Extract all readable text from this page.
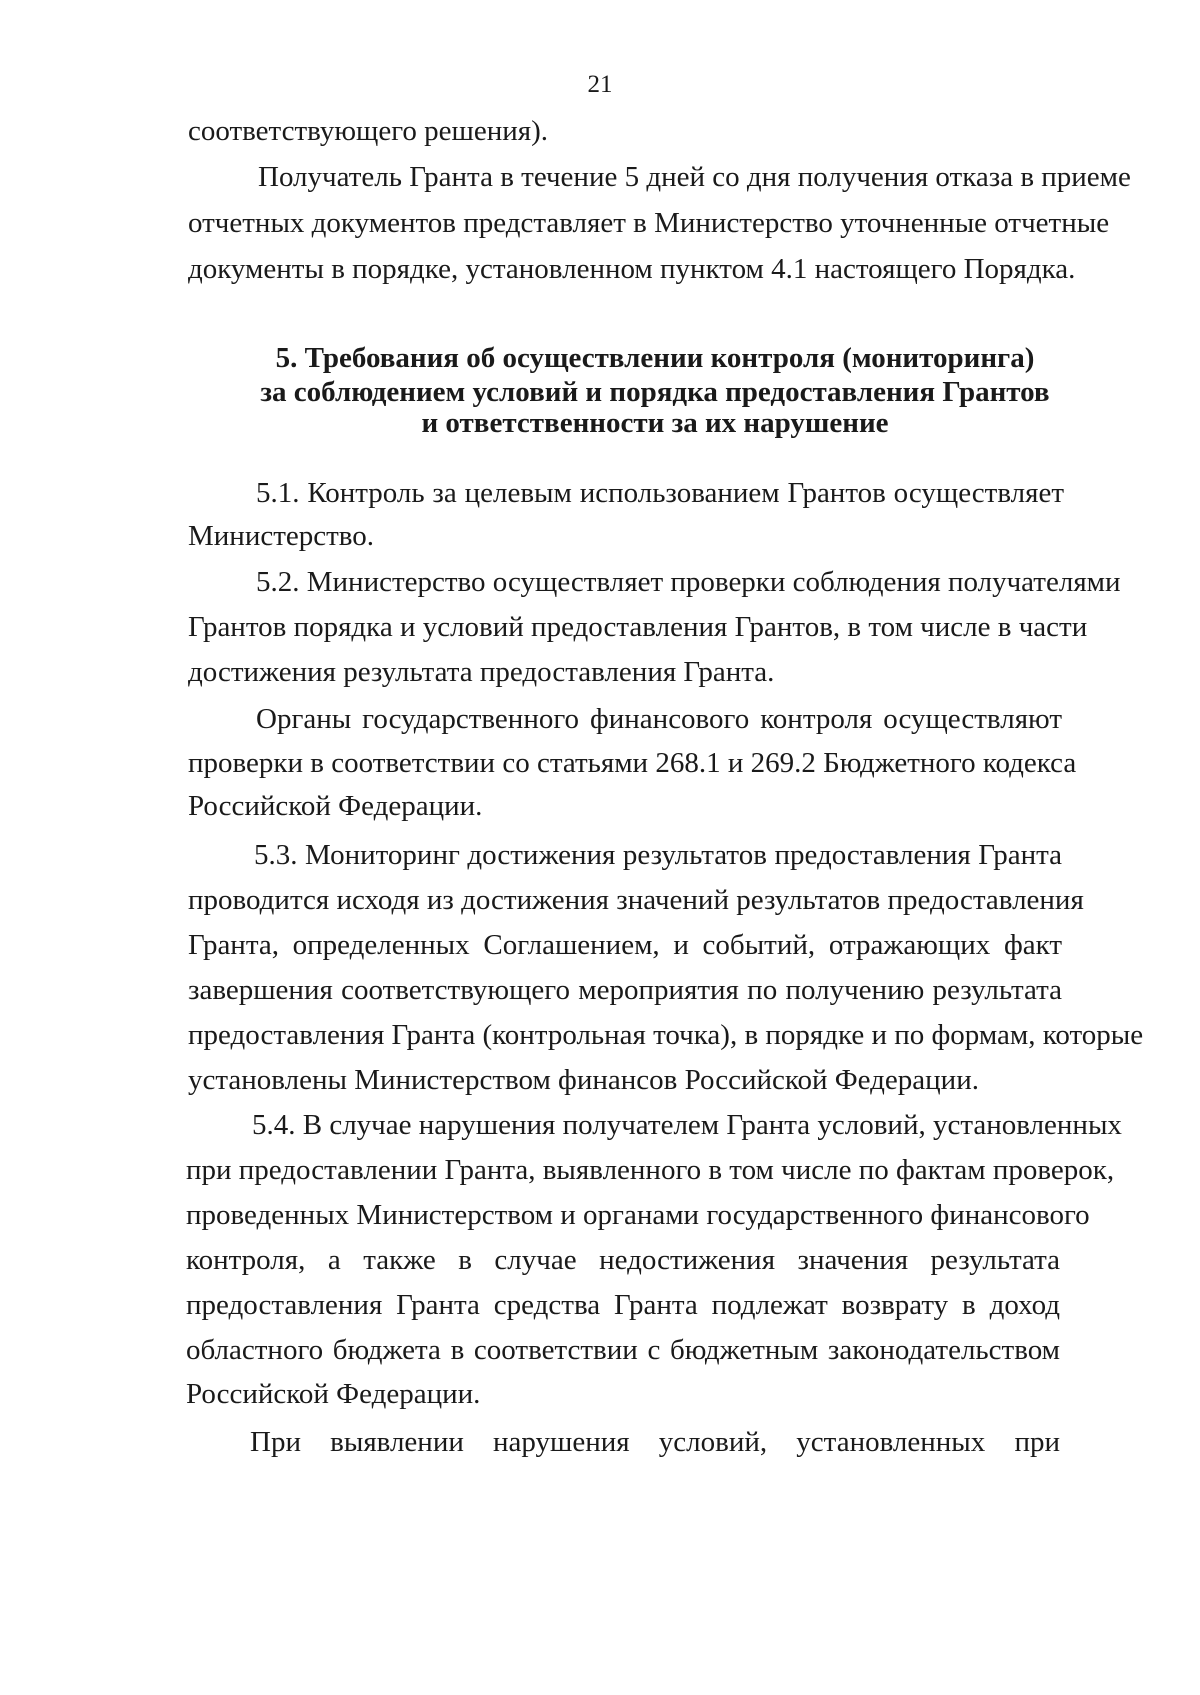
21
соответствующего решения).
Получатель Гранта в течение 5 дней со дня получения отказа в приеме
отчетных документов представляет в Министерство уточненные отчетные
документы в порядке, установленном пунктом 4.1 настоящего Порядка.
5. Требования об осуществлении контроля (мониторинга)
за соблюдением условий и порядка предоставления Грантов
и ответственности за их нарушение
5.1. Контроль за целевым использованием Грантов осуществляет
Министерство.
5.2. Министерство осуществляет проверки соблюдения получателями
Грантов порядка и условий предоставления Грантов, в том числе в части
достижения результата предоставления Гранта.
Органы государственного финансового контроля осуществляют
проверки в соответствии со статьями 268.1 и 269.2 Бюджетного кодекса
Российской Федерации.
5.3. Мониторинг достижения результатов предоставления Гранта
проводится исходя из достижения значений результатов предоставления
Гранта, определенных Соглашением, и событий, отражающих факт
завершения соответствующего мероприятия по получению результата
предоставления Гранта (контрольная точка), в порядке и по формам, которые
установлены Министерством финансов Российской Федерации.
5.4. В случае нарушения получателем Гранта условий, установленных
при предоставлении Гранта, выявленного в том числе по фактам проверок,
проведенных Министерством и органами государственного финансового
контроля, а также в случае недостижения значения результата
предоставления Гранта средства Гранта подлежат возврату в доход
областного бюджета в соответствии с бюджетным законодательством
Российской Федерации.
При выявлении нарушения условий, установленных при
